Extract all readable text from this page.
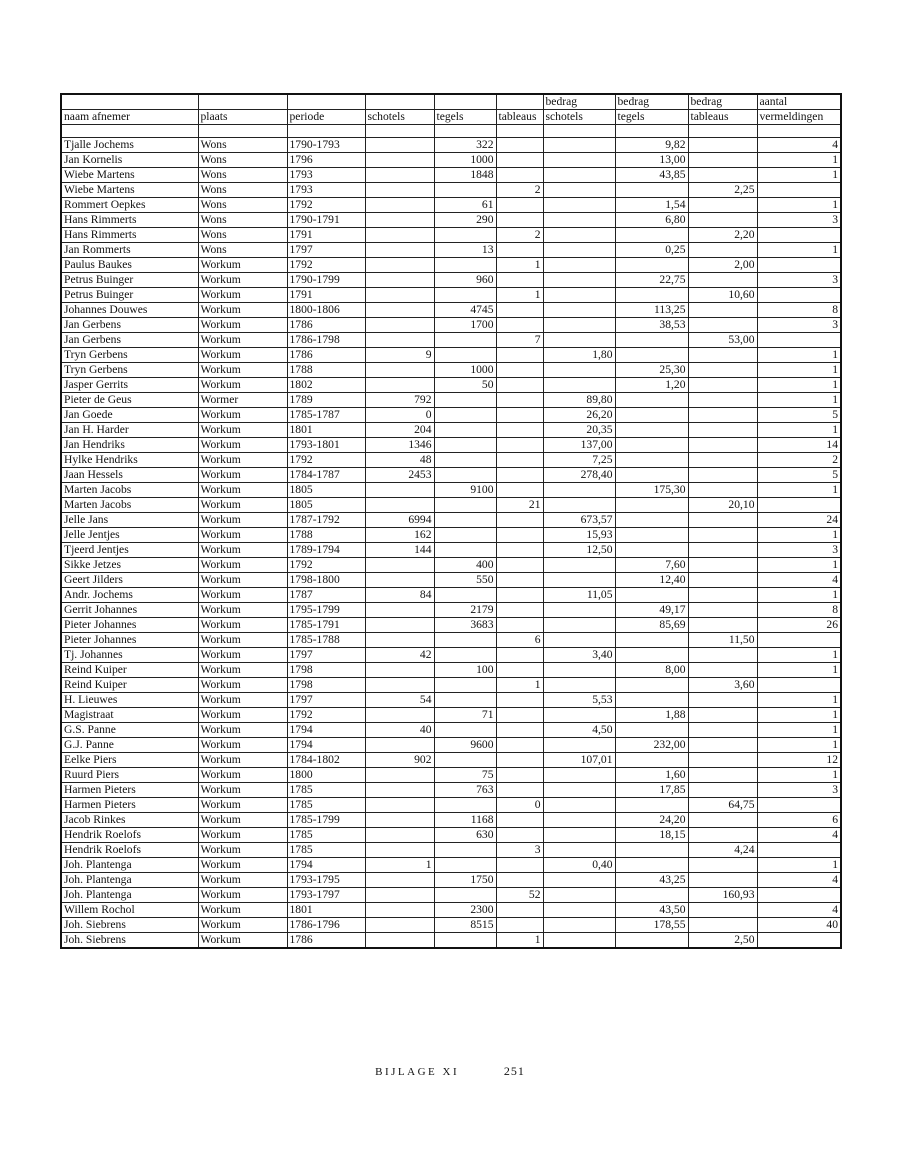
						bedrag	bedrag	bedrag	aantal
naam afnemer	plaats	periode	schotels	tegels	tableaus	schotels	tegels	tableaus	vermeldingen

Tjalle Jochems	Wons	1790-1793		322			9,82		4
Jan Kornelis	Wons	1796		1000			13,00		1
Wiebe Martens	Wons	1793		1848			43,85		1
Wiebe Martens	Wons	1793			2			2,25	
Rommert Oepkes	Wons	1792		61			1,54		1
Hans Rimmerts	Wons	1790-1791		290			6,80		3
Hans Rimmerts	Wons	1791			2			2,20	
Jan Rommerts	Wons	1797		13			0,25		1
Paulus Baukes	Workum	1792			1			2,00	
Petrus Buinger	Workum	1790-1799		960			22,75		3
Petrus Buinger	Workum	1791			1			10,60	
Johannes Douwes	Workum	1800-1806		4745			113,25		8
Jan Gerbens	Workum	1786		1700			38,53		3
Jan Gerbens	Workum	1786-1798			7			53,00	
Tryn Gerbens	Workum	1786	9			1,80			1
Tryn Gerbens	Workum	1788		1000			25,30		1
Jasper Gerrits	Workum	1802		50			1,20		1
Pieter de Geus	Wormer	1789	792			89,80			1
Jan Goede	Workum	1785-1787	0			26,20			5
Jan H. Harder	Workum	1801	204			20,35			1
Jan Hendriks	Workum	1793-1801	1346			137,00			14
Hylke Hendriks	Workum	1792	48			7,25			2
Jaan Hessels	Workum	1784-1787	2453			278,40			5
Marten Jacobs	Workum	1805		9100			175,30		1
Marten Jacobs	Workum	1805			21			20,10	
Jelle Jans	Workum	1787-1792	6994			673,57			24
Jelle Jentjes	Workum	1788	162			15,93			1
Tjeerd Jentjes	Workum	1789-1794	144			12,50			3
Sikke Jetzes	Workum	1792		400			7,60		1
Geert Jilders	Workum	1798-1800		550			12,40		4
Andr. Jochems	Workum	1787	84			11,05			1
Gerrit Johannes	Workum	1795-1799		2179			49,17		8
Pieter Johannes	Workum	1785-1791		3683			85,69		26
Pieter Johannes	Workum	1785-1788			6			11,50	
Tj. Johannes	Workum	1797	42			3,40			1
Reind Kuiper	Workum	1798		100			8,00		1
Reind Kuiper	Workum	1798			1			3,60	
H. Lieuwes	Workum	1797	54			5,53			1
Magistraat	Workum	1792		71			1,88		1
G.S. Panne	Workum	1794	40			4,50			1
G.J. Panne	Workum	1794		9600			232,00		1
Eelke Piers	Workum	1784-1802	902			107,01			12
Ruurd Piers	Workum	1800		75			1,60		1
Harmen Pieters	Workum	1785		763			17,85		3
Harmen Pieters	Workum	1785			0			64,75	
Jacob Rinkes	Workum	1785-1799		1168			24,20		6
Hendrik Roelofs	Workum	1785		630			18,15		4
Hendrik Roelofs	Workum	1785			3			4,24	
Joh. Plantenga	Workum	1794	1			0,40			1
Joh. Plantenga	Workum	1793-1795		1750			43,25		4
Joh. Plantenga	Workum	1793-1797			52			160,93	
Willem Rochol	Workum	1801		2300			43,50		4
Joh. Siebrens	Workum	1786-1796		8515			178,55		40
Joh. Siebrens	Workum	1786			1			2,50	
BIJLAGE XI	251
